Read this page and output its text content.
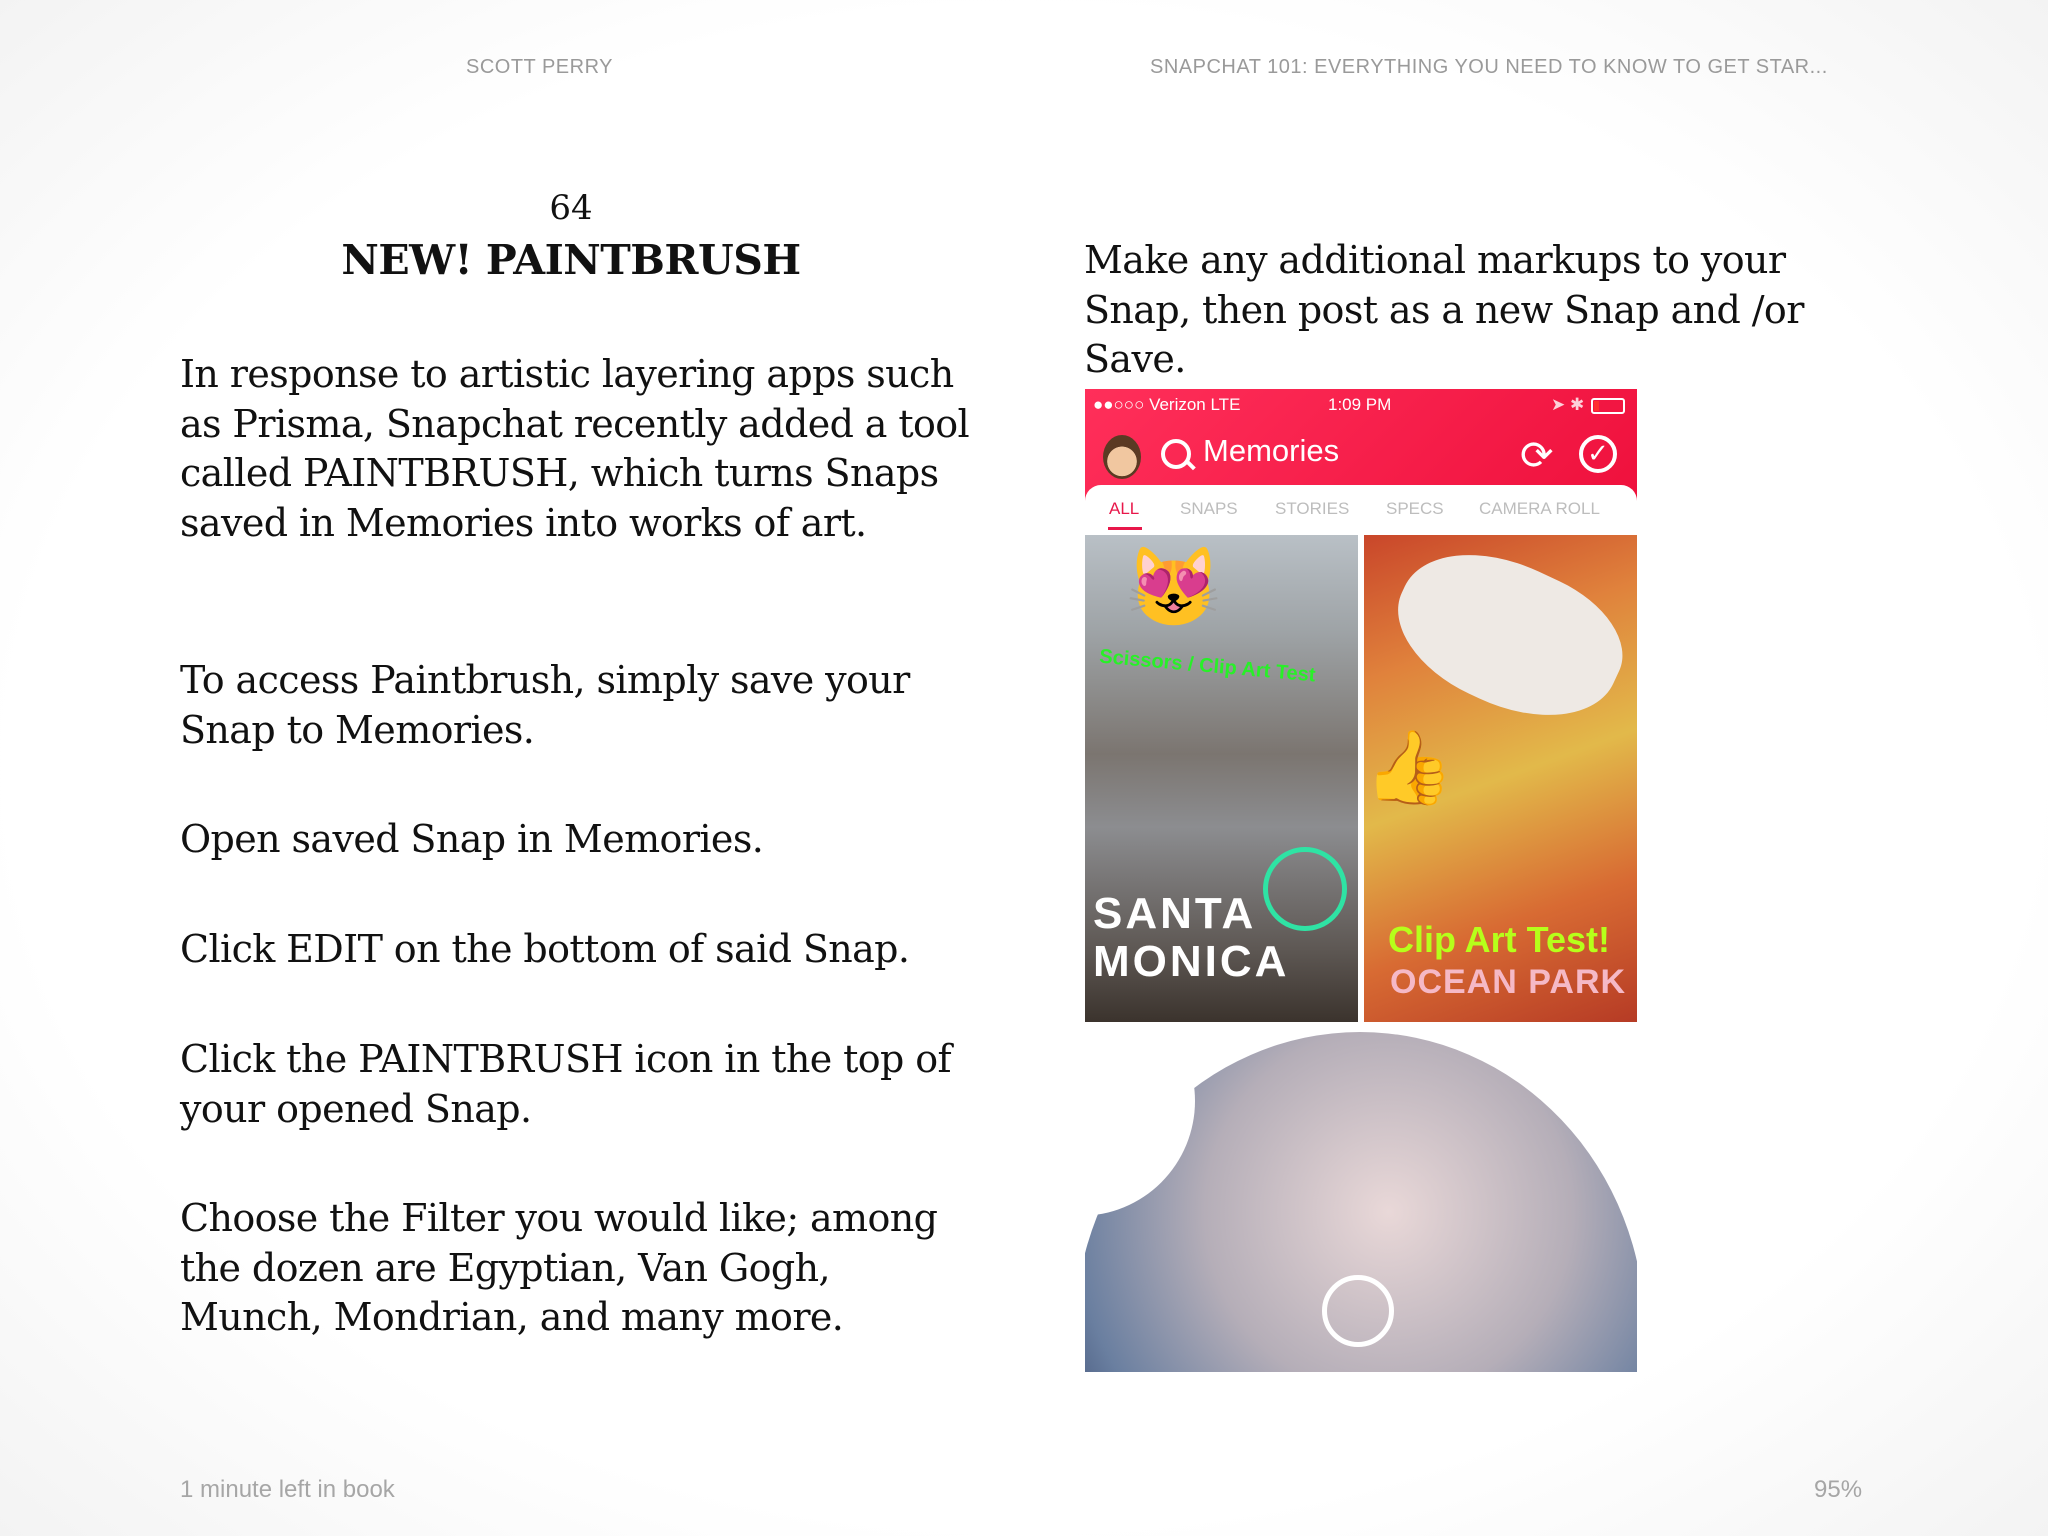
SCOTT PERRY	SNAPCHAT 101: EVERYTHING YOU NEED TO KNOW TO GET STAR...
64
NEW! PAINTBRUSH
In response to artistic layering apps such as Prisma, Snapchat recently added a tool called PAINTBRUSH, which turns Snaps saved in Memories into works of art.
To access Paintbrush, simply save your Snap to Memories.
Open saved Snap in Memories.
Click EDIT on the bottom of said Snap.
Click the PAINTBRUSH icon in the top of your opened Snap.
Choose the Filter you would like; among the dozen are Egyptian, Van Gogh, Munch, Mondrian, and many more.
Make any additional markups to your Snap, then post as a new Snap and /or Save.
●●○○○ Verizon LTE	1:09 PM	➤ ✱
Memories	⟳	✓
ALL SNAPS STORIES SPECS CAMERA ROLL
😻
Scissors / Clip Art Test
SANTA
MONICA
👍
Clip Art Test!
OCEAN PARK
1 minute left in book	95%
